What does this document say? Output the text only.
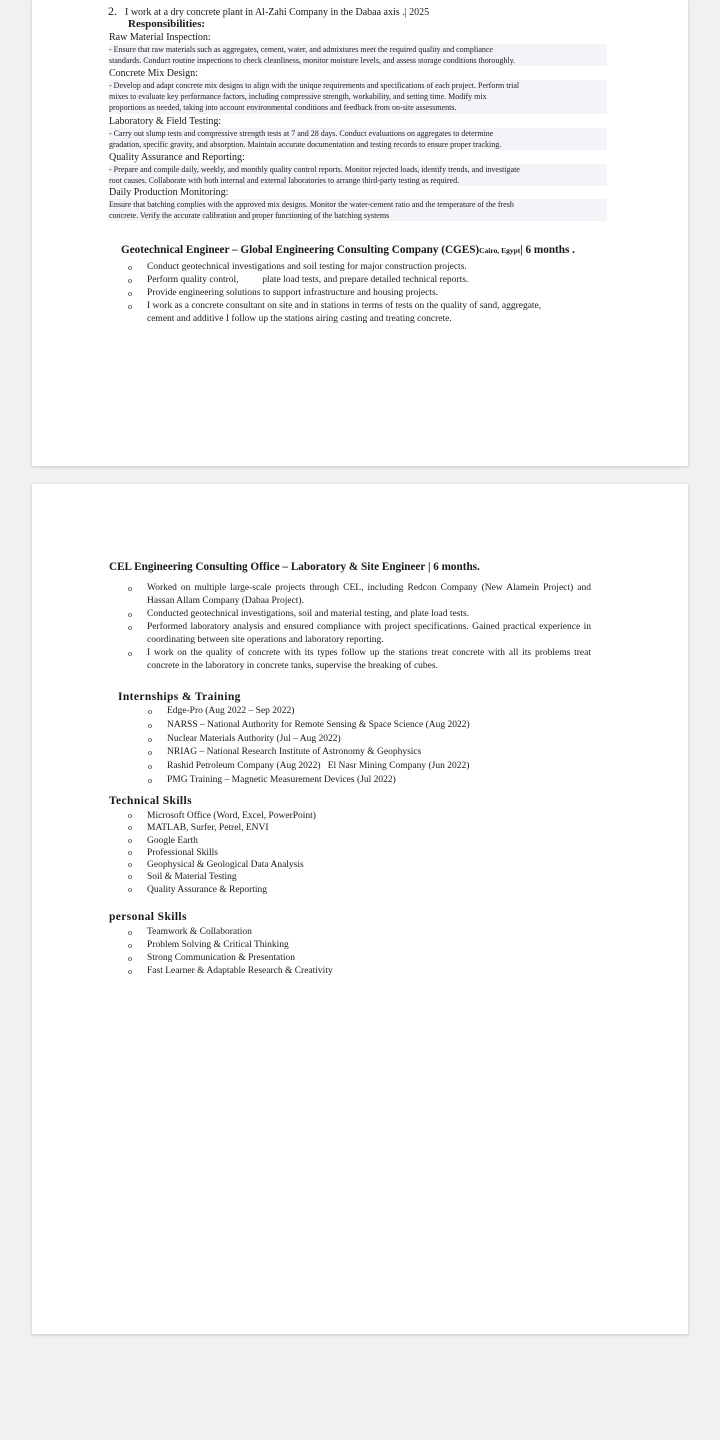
2. I work at a dry concrete plant in Al-Zahi Company in the Dabaa axis .| 2025
Responsibilities:
Raw Material Inspection:
- Ensure that raw materials such as aggregates, cement, water, and admixtures meet the required quality and compliance
standards. Conduct routine inspections to check cleanliness, monitor moisture levels, and assess storage conditions thoroughly.
Concrete Mix Design:
- Develop and adapt concrete mix designs to align with the unique requirements and specifications of each project. Perform trial
mixes to evaluate key performance factors, including compressive strength, workability, and setting time. Modify mix
proportions as needed, taking into account environmental conditions and feedback from on-site assessments.
Laboratory & Field Testing:
- Carry out slump tests and compressive strength tests at 7 and 28 days. Conduct evaluations on aggregates to determine
gradation, specific gravity, and absorption. Maintain accurate documentation and testing records to ensure proper tracking.
Quality Assurance and Reporting:
- Prepare and compile daily, weekly, and monthly quality control reports. Monitor rejected loads, identify trends, and investigate
root causes. Collaborate with both internal and external laboratories to arrange third-party testing as required.
Daily Production Monitoring:
Ensure that batching complies with the approved mix designs. Monitor the water-cement ratio and the temperature of the fresh
concrete. Verify the accurate calibration and proper functioning of the batching systems
Geotechnical Engineer – Global Engineering Consulting Company (CGES)Cairo, Egypt| 6 months .
o Conduct geotechnical investigations and soil testing for major construction projects.
o Perform quality control,          plate load tests, and prepare detailed technical reports.
o Provide engineering solutions to support infrastructure and housing projects.
o I work as a concrete consultant on site and in stations in terms of tests on the quality of sand, aggregate, cement and additive I follow up the stations airing casting and treating concrete.
CEL Engineering Consulting Office – Laboratory & Site Engineer | 6 months.
o Worked on multiple large-scale projects through CEL, including Redcon Company (New Alamein Project) and Hassan Allam Company (Dabaa Project).
o Conducted geotechnical investigations, soil and material testing, and plate load tests.
o Performed laboratory analysis and ensured compliance with project specifications. Gained practical experience in coordinating between site operations and laboratory reporting.
o I work on the quality of concrete with its types follow up the stations treat concrete with all its problems treat concrete in the laboratory in concrete tanks, supervise the breaking of cubes.
Internships & Training
o Edge-Pro (Aug 2022 – Sep 2022)
o NARSS – National Authority for Remote Sensing & Space Science (Aug 2022)
o Nuclear Materials Authority (Jul – Aug 2022)
o NRIAG – National Research Institute of Astronomy & Geophysics
o Rashid Petroleum Company (Aug 2022)   El Nasr Mining Company (Jun 2022)
o PMG Training – Magnetic Measurement Devices (Jul 2022)
Technical Skills
o Microsoft Office (Word, Excel, PowerPoint)
o MATLAB, Surfer, Petrel, ENVI
o Google Earth
o Professional Skills
o Geophysical & Geological Data Analysis
o Soil & Material Testing
o Quality Assurance & Reporting
personal Skills
o Teamwork & Collaboration
o Problem Solving & Critical Thinking
o Strong Communication & Presentation
o Fast Learner & Adaptable Research & Creativity
